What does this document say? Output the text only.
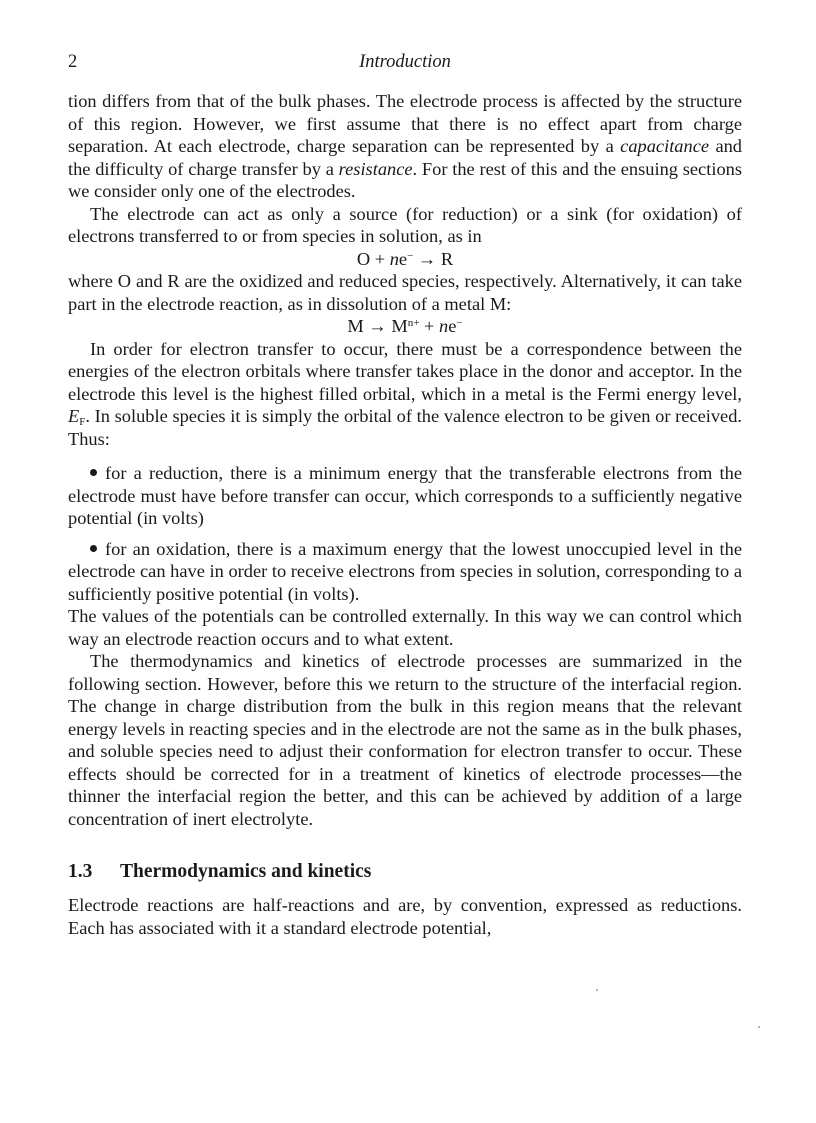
2	Introduction

tion differs from that of the bulk phases. The electrode process is affected by the structure of this region. However, we first assume that there is no effect apart from charge separation. At each electrode, charge separation can be represented by a capacitance and the difficulty of charge transfer by a resistance. For the rest of this and the ensuing sections we consider only one of the electrodes.

The electrode can act as only a source (for reduction) or a sink (for oxidation) of electrons transferred to or from species in solution, as in

O + ne− → R

where O and R are the oxidized and reduced species, respectively. Alternatively, it can take part in the electrode reaction, as in dissolution of a metal M:

$M \to M^{n+} + ne^-$

In order for electron transfer to occur, there must be a correspondence between the energies of the electron orbitals where transfer takes place in the donor and acceptor. In the electrode this level is the highest filled orbital, which in a metal is the Fermi energy level, $E_F$. In soluble species it is simply the orbital of the valence electron to be given or received. Thus:

for a reduction, there is a minimum energy that the transferable electrons from the electrode must have before transfer can occur, which corresponds to a sufficiently negative potential (in volts)

for an oxidation, there is a maximum energy that the lowest unoccupied level in the electrode can have in order to receive electrons from species in solution, corresponding to a sufficiently positive potential (in volts).

The values of the potentials can be controlled externally. In this way we can control which way an electrode reaction occurs and to what extent.

The thermodynamics and kinetics of electrode processes are summarized in the following section. However, before this we return to the structure of the interfacial region. The change in charge distribution from the bulk in this region means that the relevant energy levels in reacting species and in the electrode are not the same as in the bulk phases, and soluble species need to adjust their conformation for electron transfer to occur. These effects should be corrected for in a treatment of kinetics of electrode processes—the thinner the interfacial region the better, and this can be achieved by addition of a large concentration of inert electrolyte.

1.3 Thermodynamics and kinetics

Electrode reactions are half-reactions and are, by convention, expressed as reductions. Each has associated with it a standard electrode potential,
